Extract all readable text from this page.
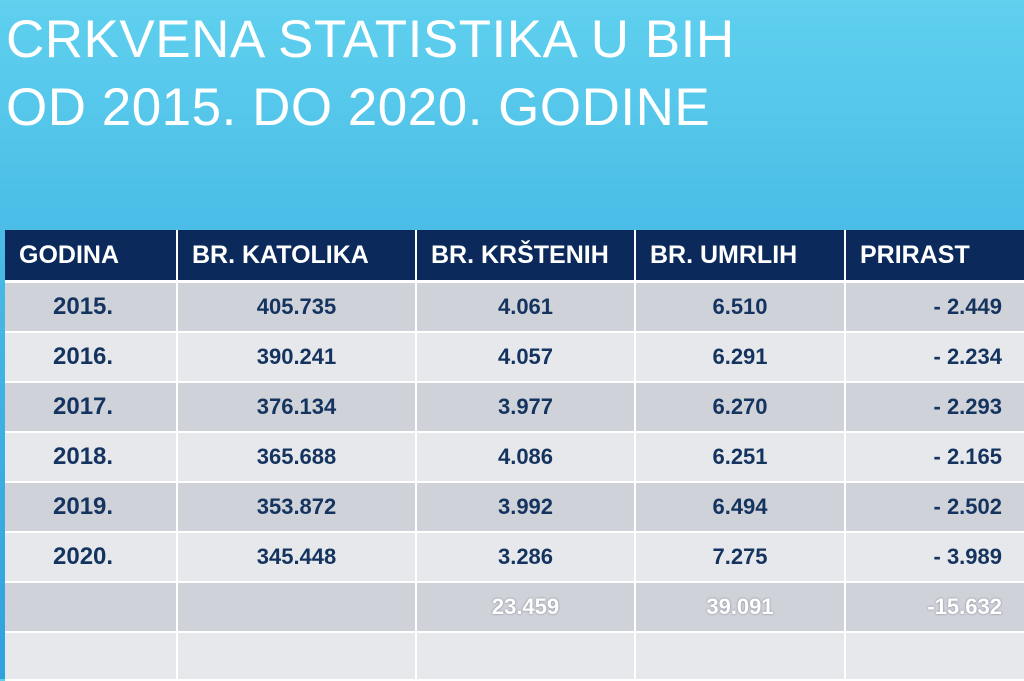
CRKVENA STATISTIKA U BIH
OD 2015. DO 2020. GODINE
GODINA	BR. KATOLIKA	BR. KRŠTENIH	BR. UMRLIH	PRIRAST
2015.	405.735	4.061	6.510	- 2.449
2016.	390.241	4.057	6.291	- 2.234
2017.	376.134	3.977	6.270	- 2.293
2018.	365.688	4.086	6.251	- 2.165
2019.	353.872	3.992	6.494	- 2.502
2020.	345.448	3.286	7.275	- 3.989
		23.459	39.091	-15.632
